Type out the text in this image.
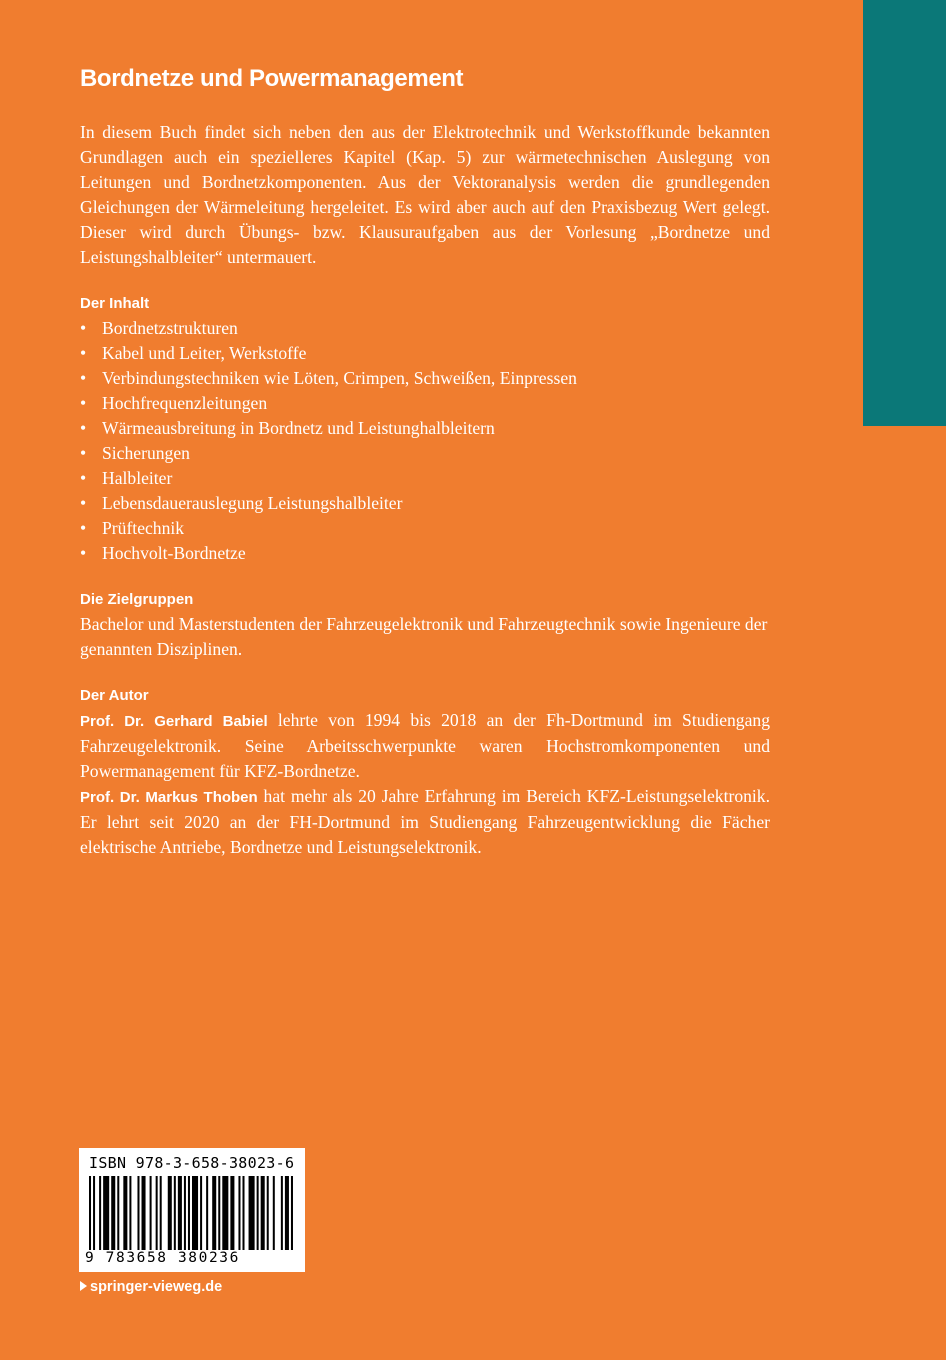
Bordnetze und Powermanagement

In diesem Buch findet sich neben den aus der Elektrotechnik und Werkstoffkunde bekannten Grundlagen auch ein spezielleres Kapitel (Kap. 5) zur wärmetechnischen Auslegung von Leitungen und Bordnetzkomponenten. Aus der Vektoranalysis werden die grundlegenden Gleichungen der Wärmeleitung hergeleitet. Es wird aber auch auf den Praxisbezug Wert gelegt. Dieser wird durch Übungs- bzw. Klausuraufgaben aus der Vorlesung „Bordnetze und Leistungshalbleiter“ untermauert.

Der Inhalt
• Bordnetzstrukturen
• Kabel und Leiter, Werkstoffe
• Verbindungstechniken wie Löten, Crimpen, Schweißen, Einpressen
• Hochfrequenzleitungen
• Wärmeausbreitung in Bordnetz und Leistunghalbleitern
• Sicherungen
• Halbleiter
• Lebensdauerauslegung Leistungshalbleiter
• Prüftechnik
• Hochvolt-Bordnetze
Die Zielgruppen

Bachelor und Masterstudenten der Fahrzeugelektronik und Fahrzeugtechnik sowie Ingenieure der genannten Disziplinen.

Der Autor

Prof. Dr. Gerhard Babiel lehrte von 1994 bis 2018 an der Fh-Dortmund im Studiengang Fahrzeugelektronik. Seine Arbeitsschwerpunkte waren Hochstromkomponenten und Powermanagement für KFZ-Bordnetze.

Prof. Dr. Markus Thoben hat mehr als 20 Jahre Erfahrung im Bereich KFZ-Leistungselektronik. Er lehrt seit 2020 an der FH-Dortmund im Studiengang Fahrzeugentwicklung die Fächer elektrische Antriebe, Bordnetze und Leistungselektronik.

ISBN 978-3-658-38023-6
9 783658 380236
springer-vieweg.de
